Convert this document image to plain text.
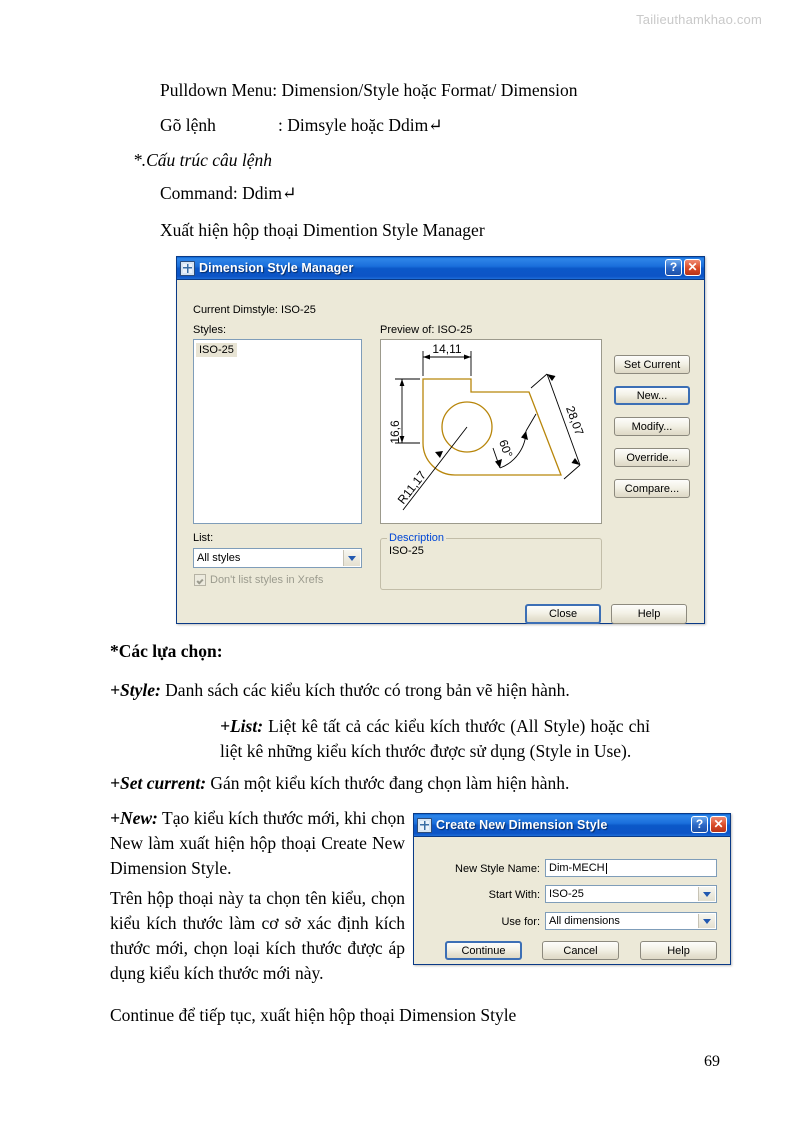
Tailieuthamkhao.com
Pulldown Menu: Dimension/Style hoặc Format/ Dimension
Gõ lệnh	: Dimsyle hoặc Ddim↵
*.Cấu trúc câu lệnh
Command: Ddim↵
Xuất hiện hộp thoại Dimention Style Manager
*Các lựa chọn:
+Style: Danh sách các kiểu kích thước có trong bản vẽ hiện hành.
+List: Liệt kê tất cả các kiểu kích thước (All Style) hoặc chỉ liệt kê những kiểu kích thước được sử dụng (Style in Use).
+Set current: Gán một kiểu kích thước đang chọn làm hiện hành.
+New: Tạo kiểu kích thước mới, khi chọn New làm xuất hiện hộp thoại Create New Dimension Style.
Trên hộp thoại này ta chọn tên kiểu, chọn kiểu kích thước làm cơ sở xác định kích thước mới, chọn loại kích thước được áp dụng kiểu kích thước mới này.
Continue để tiếp tục, xuất hiện hộp thoại Dimension Style
69
Dimension Style Manager	? ✕
Current Dimstyle: ISO-25
Styles:
ISO-25
List:
All styles
Don't list styles in Xrefs
Preview of: ISO-25
14,11
16,6	28,07
60°
R11,17
Description
ISO-25
Set Current
New...
Modify...
Override...
Compare...
Close	Help
Create New Dimension Style	? ✕
New Style Name: Dim-MECH
Start With: ISO-25
Use for: All dimensions
Continue	Cancel	Help
